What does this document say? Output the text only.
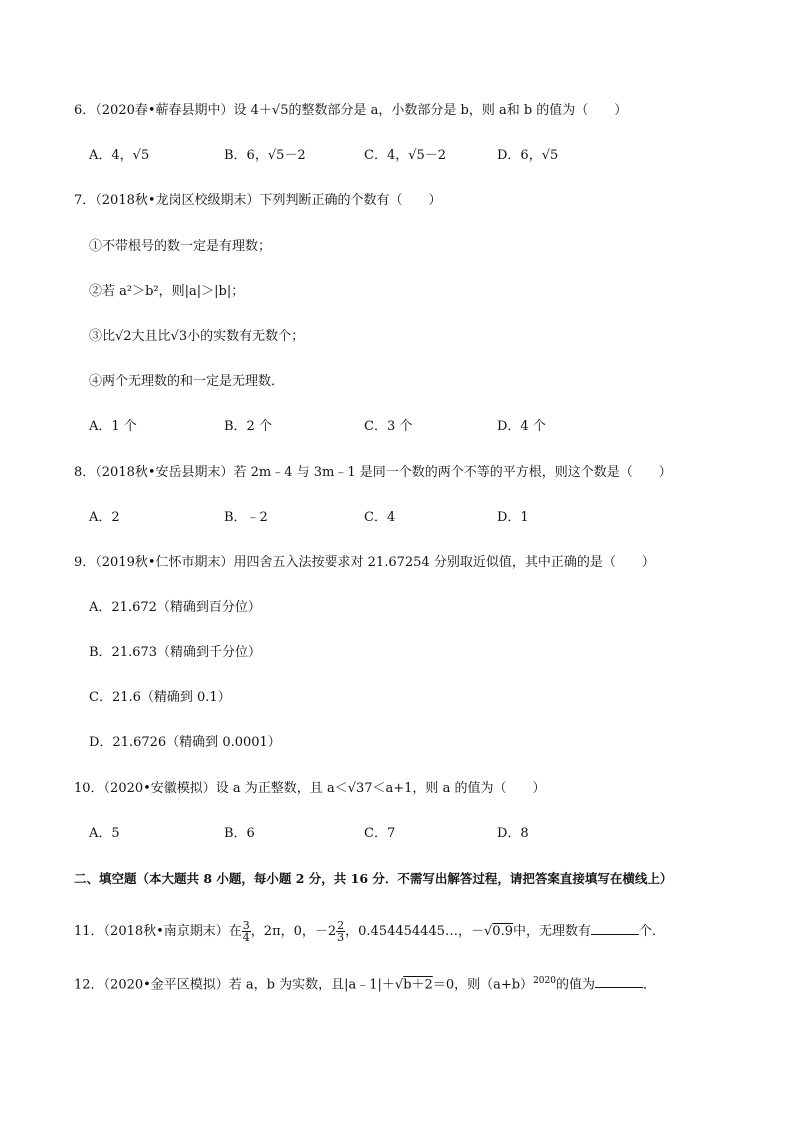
6．（2020春•蕲春县期中）设 4＋√5的整数部分是 a，小数部分是 b，则 a和 b 的值为（　　）
A．4，√5	B．6，√5－2	C．4，√5－2	D．6，√5
7．（2018秋•龙岗区校级期末）下列判断正确的个数有（　　）
①不带根号的数一定是有理数；
②若 a²＞b²，则|a|＞|b|；
③比√2大且比√3小的实数有无数个；
④两个无理数的和一定是无理数．
A．1 个	B．2 个	C．3 个	D．4 个
8．（2018秋•安岳县期末）若 2m﹣4 与 3m﹣1 是同一个数的两个不等的平方根，则这个数是（　　）
A．2	B．﹣2	C．4	D．1
9．（2019秋•仁怀市期末）用四舍五入法按要求对 21.67254 分别取近似值，其中正确的是（　　）
A．21.672（精确到百分位）
B．21.673（精确到千分位）
C．21.6（精确到 0.1）
D．21.6726（精确到 0.0001）
10．（2020•安徽模拟）设 a 为正整数，且 a＜√37＜a+1，则 a 的值为（　　）
A．5	B．6	C．7	D．8
二、填空题（本大题共 8 小题，每小题 2 分，共 16 分．不需写出解答过程，请把答案直接填写在横线上）
11．（2018秋•南京期末）在 $\frac{3}{4}$ ，2π，0，$-2 \frac{2}{3}$ ，0.454454445…，－√0.9中，无理数有	个．
12．（2020•金平区模拟）若 a，b 为实数，且|a﹣1|＋√b＋2＝0，则$(a+b)^{2020}$的值为	．
